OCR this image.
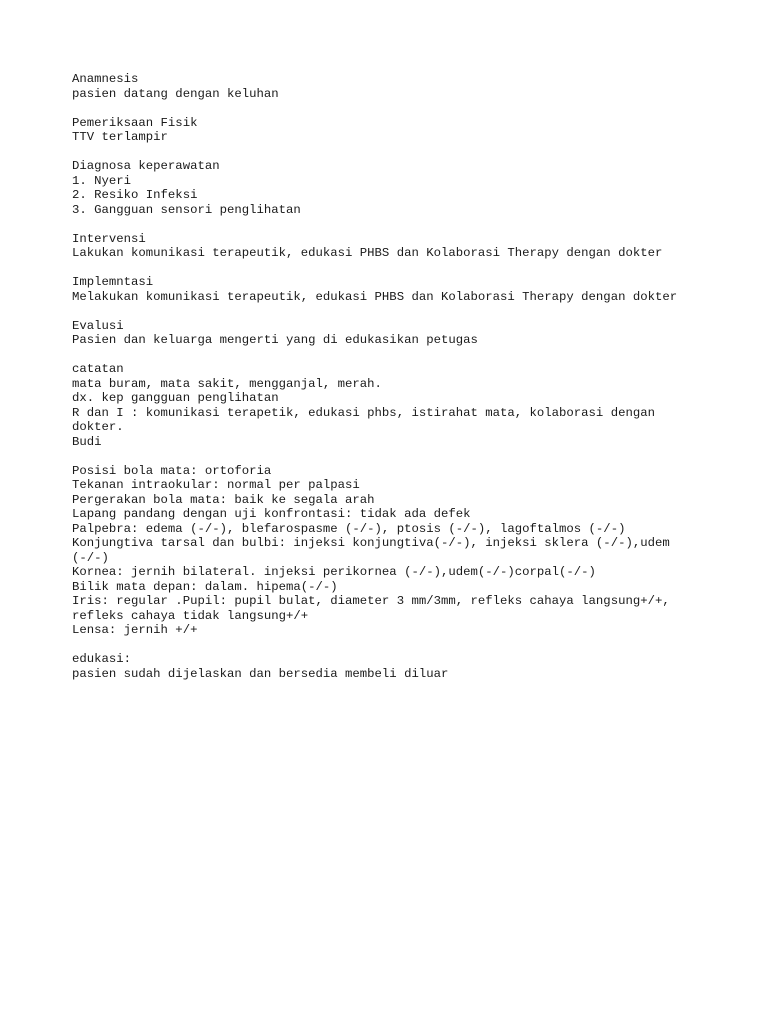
Anamnesis
pasien datang dengan keluhan
Pemeriksaan Fisik
TTV terlampir
Diagnosa keperawatan
1. Nyeri
2. Resiko Infeksi
3. Gangguan sensori penglihatan
Intervensi
Lakukan komunikasi terapeutik, edukasi PHBS dan Kolaborasi Therapy dengan dokter
Implemntasi
Melakukan komunikasi terapeutik, edukasi PHBS dan Kolaborasi Therapy dengan dokter
Evalusi
Pasien dan keluarga mengerti yang di edukasikan petugas
catatan
mata buram, mata sakit, mengganjal, merah.
dx. kep gangguan penglihatan
R dan I : komunikasi terapetik, edukasi phbs, istirahat mata, kolaborasi dengan
dokter.
Budi
Posisi bola mata: ortoforia
Tekanan intraokular: normal per palpasi
Pergerakan bola mata: baik ke segala arah
Lapang pandang dengan uji konfrontasi: tidak ada defek
Palpebra: edema (-/-), blefarospasme (-/-), ptosis (-/-), lagoftalmos (-/-)
Konjungtiva tarsal dan bulbi: injeksi konjungtiva(-/-), injeksi sklera (-/-),udem
(-/-)
Kornea: jernih bilateral. injeksi perikornea (-/-),udem(-/-)corpal(-/-)
Bilik mata depan: dalam. hipema(-/-)
Iris: regular .Pupil: pupil bulat, diameter 3 mm/3mm, refleks cahaya langsung+/+,
refleks cahaya tidak langsung+/+
Lensa: jernih +/+
edukasi:
pasien sudah dijelaskan dan bersedia membeli diluar
